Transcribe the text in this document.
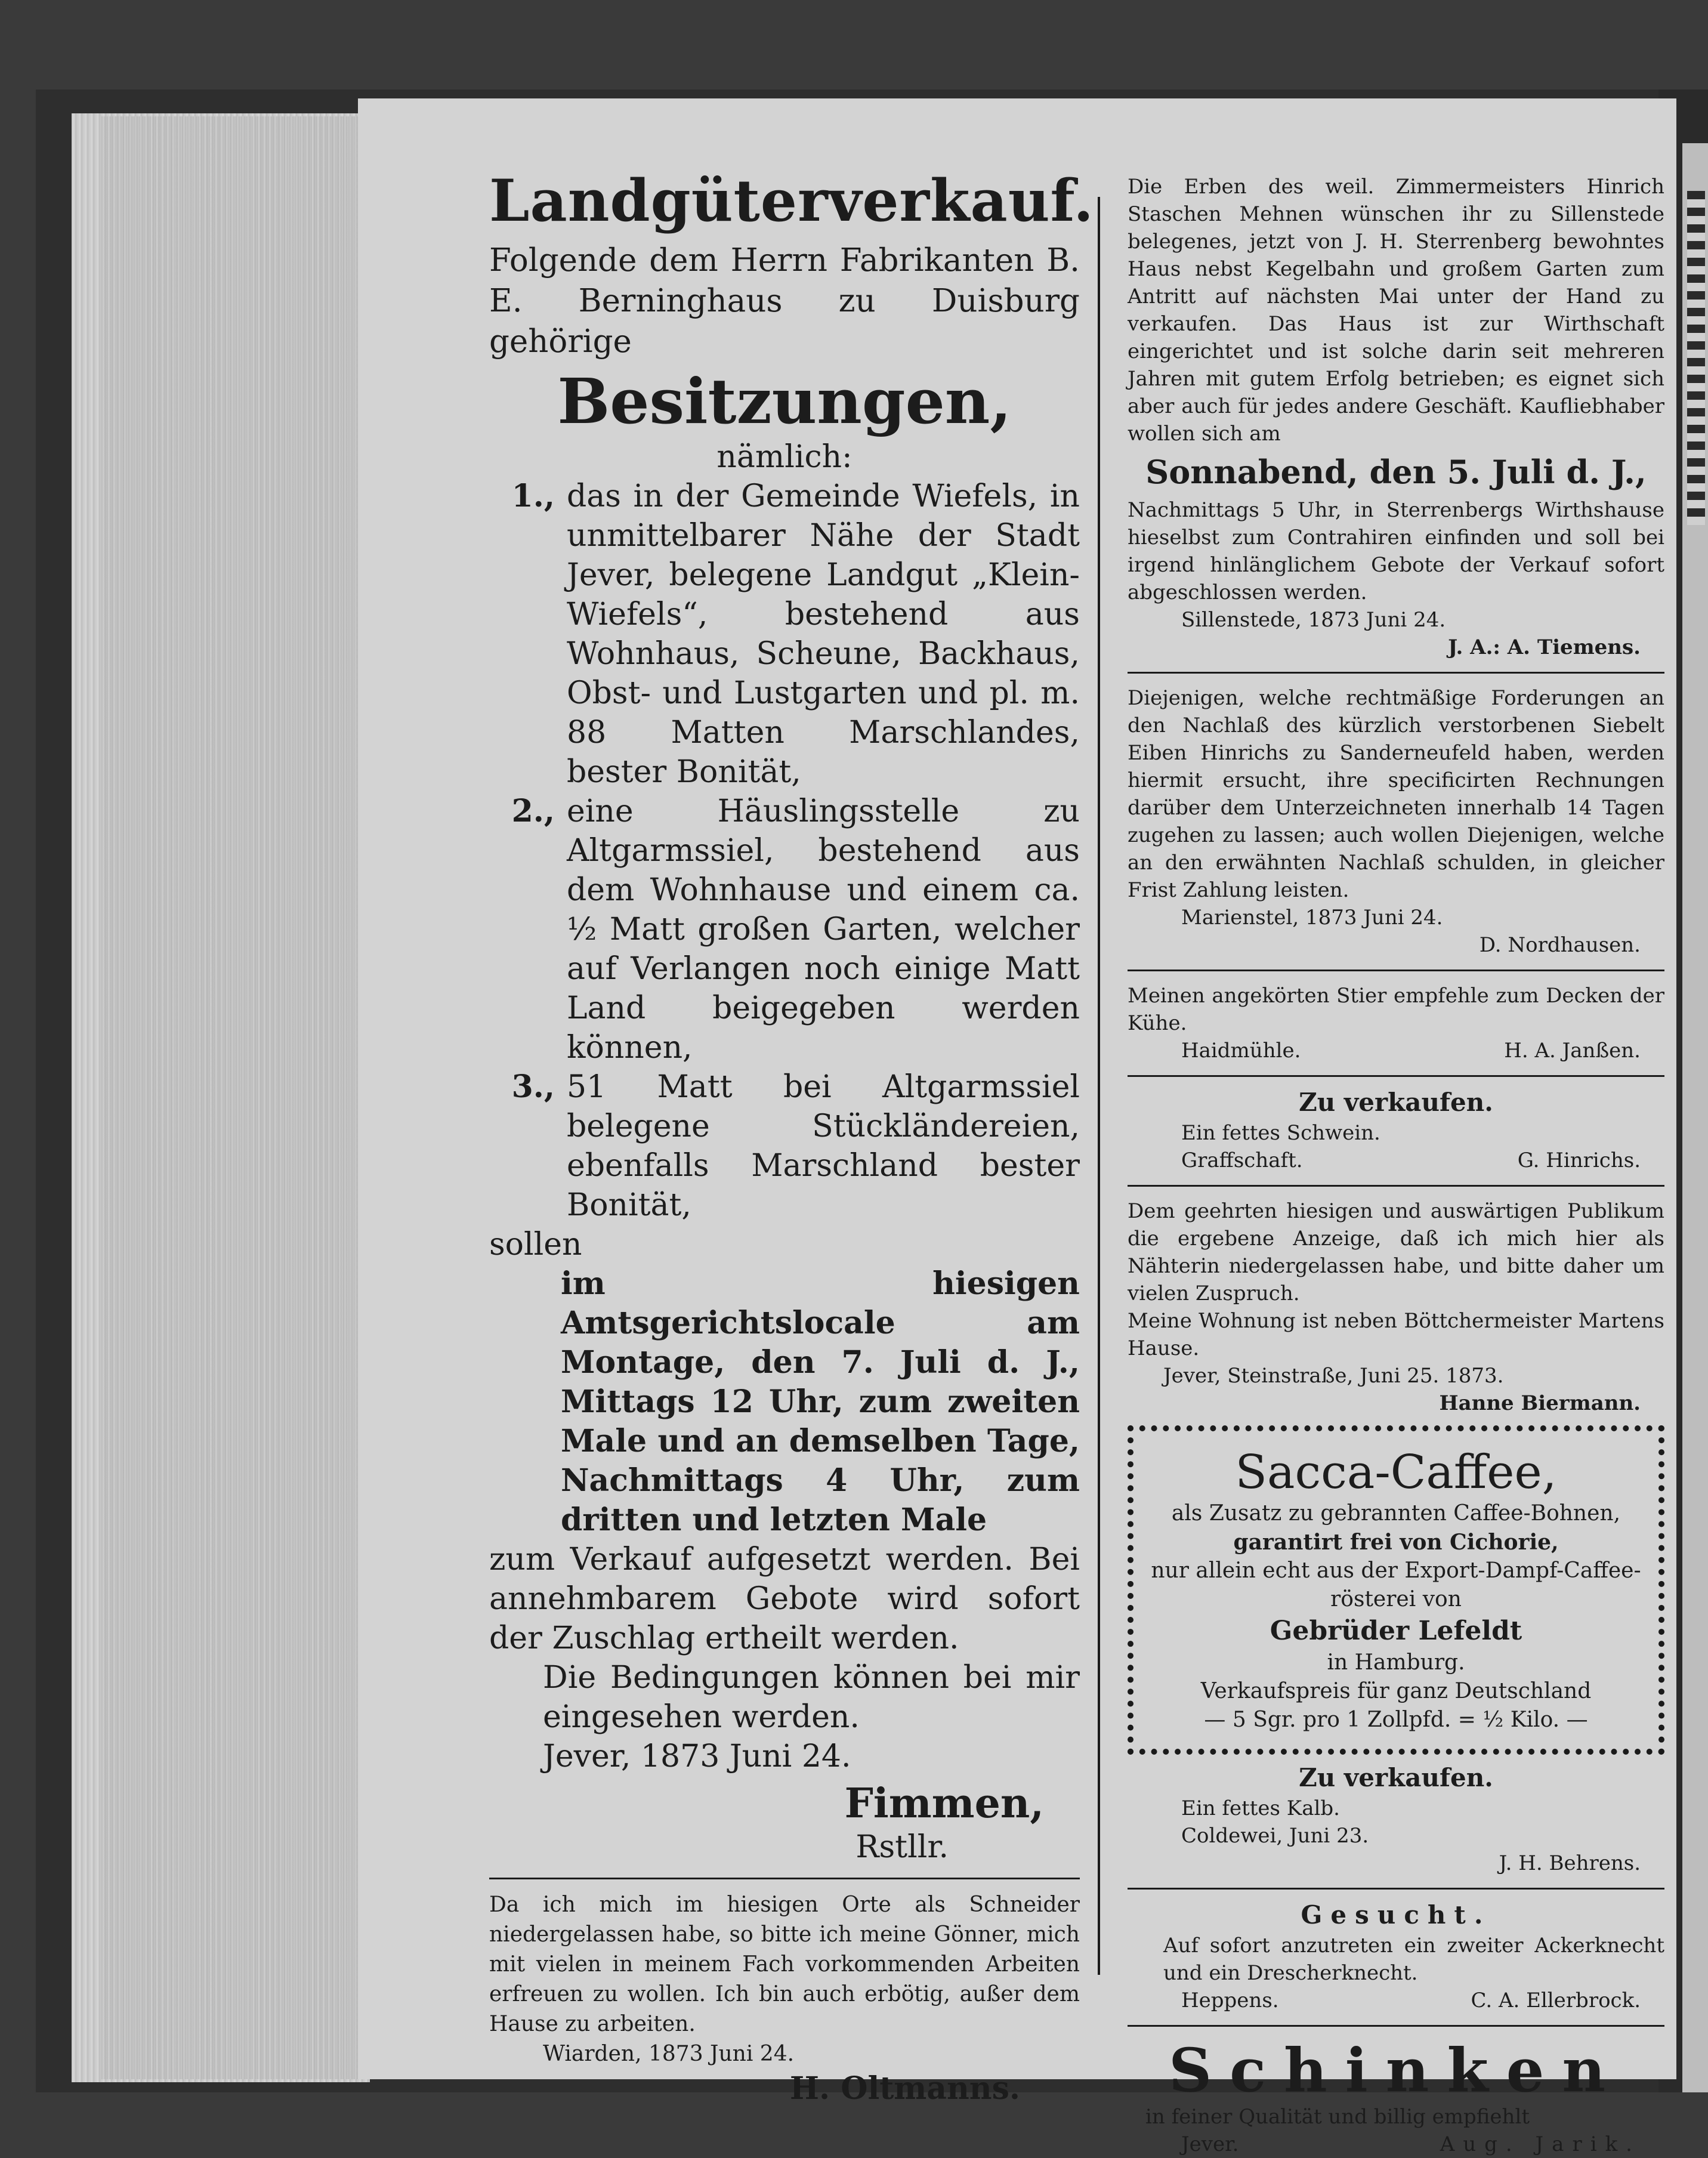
Landgüterverkauf.

Folgende dem Herrn Fabrikanten B. E. Berninghaus zu Duisburg gehörige

Besitzungen,

nämlich:

1., das in der Gemeinde Wiefels, in unmittelbarer Nähe der Stadt Jever, belegene Landgut „Klein-Wiefels“, bestehend aus Wohnhaus, Scheune, Backhaus, Obst- und Lustgarten und pl. m. 88 Matten Marschlandes, bester Bonität,
2., eine Häuslingsstelle zu Altgarmssiel, bestehend aus dem Wohnhause und einem ca. ½ Matt großen Garten, welcher auf Verlangen noch einige Matt Land beigegeben werden können,
3., 51 Matt bei Altgarmssiel belegene Stückländereien, ebenfalls Marschland bester Bonität,

sollen

im hiesigen Amtsgerichtslocale am Montage, den 7. Juli d. J., Mittags 12 Uhr, zum zweiten Male und an demselben Tage, Nachmittags 4 Uhr, zum dritten und letzten Male

zum Verkauf aufgesetzt werden. Bei annehmbarem Gebote wird sofort der Zuschlag ertheilt werden.

Die Bedingungen können bei mir eingesehen werden.

Jever, 1873 Juni 24.

Fimmen,

Rstllr.

Da ich mich im hiesigen Orte als Schneider niedergelassen habe, so bitte ich meine Gönner, mich mit vielen in meinem Fach vorkommenden Arbeiten erfreuen zu wollen. Ich bin auch erbötig, außer dem Hause zu arbeiten.

Wiarden, 1873 Juni 24.

H. Oltmanns.

Die Erben des weil. Zimmermeisters Hinrich Staschen Mehnen wünschen ihr zu Sillenstede belegenes, jetzt von J. H. Sterrenberg bewohntes Haus nebst Kegelbahn und großem Garten zum Antritt auf nächsten Mai unter der Hand zu verkaufen. Das Haus ist zur Wirthschaft eingerichtet und ist solche darin seit mehreren Jahren mit gutem Erfolg betrieben; es eignet sich aber auch für jedes andere Geschäft. Kaufliebhaber wollen sich am

Sonnabend, den 5. Juli d. J.,

Nachmittags 5 Uhr, in Sterrenbergs Wirthshause hieselbst zum Contrahiren einfinden und soll bei irgend hinlänglichem Gebote der Verkauf sofort abgeschlossen werden.

Sillenstede, 1873 Juni 24.

J. A.: A. Tiemens.

Diejenigen, welche rechtmäßige Forderungen an den Nachlaß des kürzlich verstorbenen Siebelt Eiben Hinrichs zu Sanderneufeld haben, werden hiermit ersucht, ihre specificirten Rechnungen darüber dem Unterzeichneten innerhalb 14 Tagen zugehen zu lassen; auch wollen Diejenigen, welche an den erwähnten Nachlaß schulden, in gleicher Frist Zahlung leisten.

Marienstel, 1873 Juni 24.

D. Nordhausen.

Meinen angekörten Stier empfehle zum Decken der Kühe.

Haidmühle.	H. A. Janßen.
Zu verkaufen.

Ein fettes Schwein.

Graffschaft.	G. Hinrichs.

Dem geehrten hiesigen und auswärtigen Publikum die ergebene Anzeige, daß ich mich hier als Nähterin niedergelassen habe, und bitte daher um vielen Zuspruch.

Meine Wohnung ist neben Böttchermeister Martens Hause.

Jever, Steinstraße, Juni 25. 1873.

Hanne Biermann.

Sacca-Caffee,
als Zusatz zu gebrannten Caffee-Bohnen,
garantirt frei von Cichorie,
nur allein echt aus der Export-Dampf-Caffee-
rösterei von
Gebrüder Lefeldt
in Hamburg.
Verkaufspreis für ganz Deutschland
— 5 Sgr. pro 1 Zollpfd. = ½ Kilo. —
Zu verkaufen.

Ein fettes Kalb.

Coldewei, Juni 23.

J. H. Behrens.

Gesucht.

Auf sofort anzutreten ein zweiter Ackerknecht und ein Drescherknecht.

Heppens.	C. A. Ellerbrock.
Schinken

in feiner Qualität und billig empfiehlt

Jever.	Aug. Jarik.
